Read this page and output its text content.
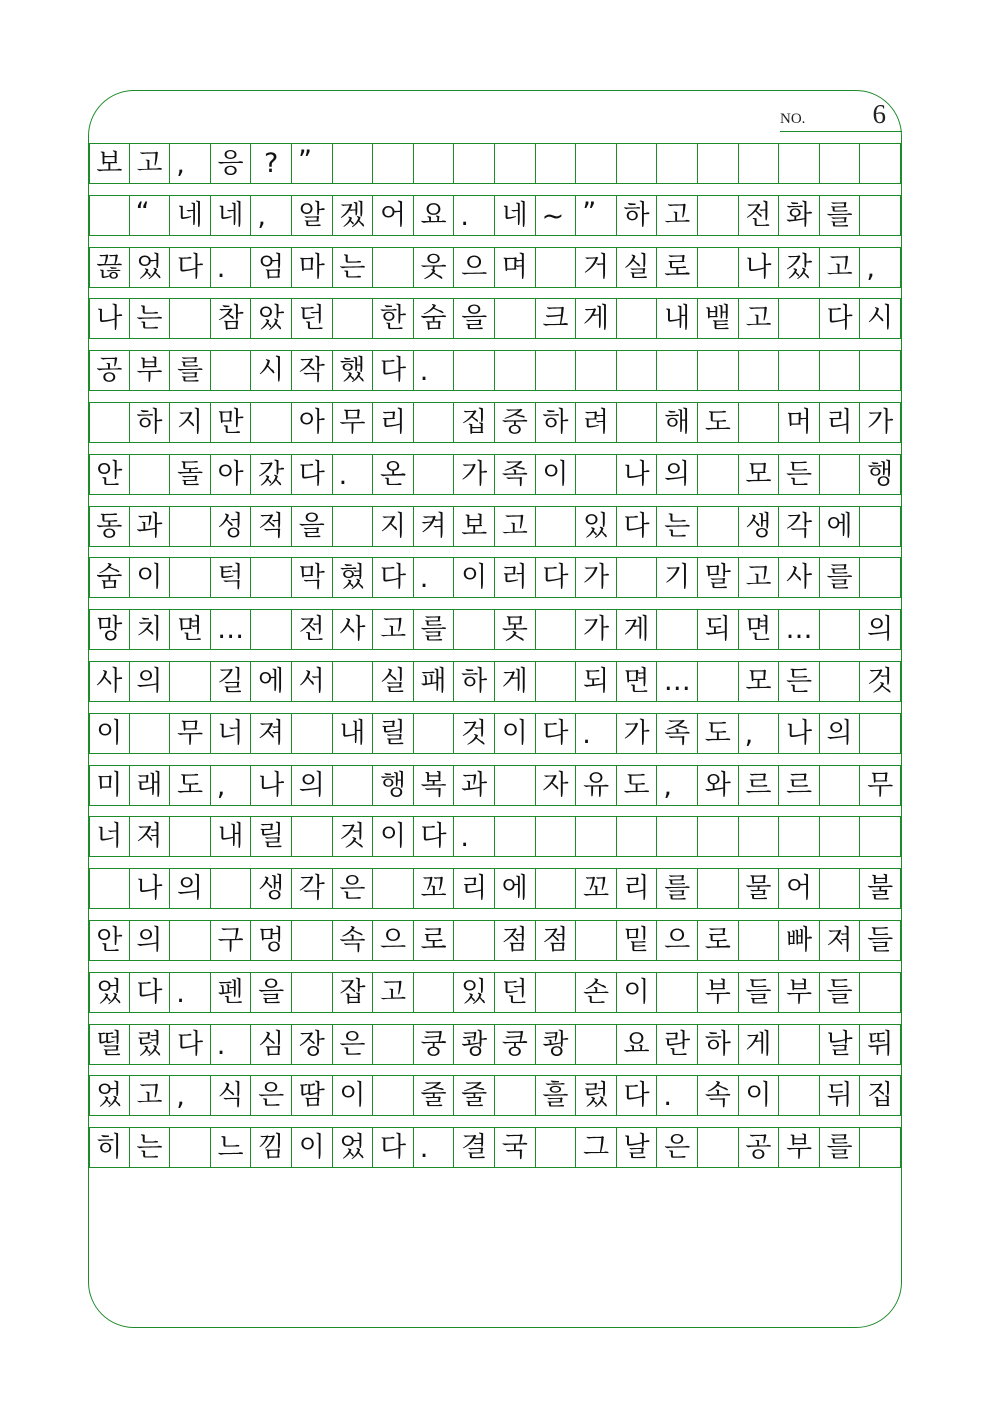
NO. 6
보 고 ,	응 ? ”
“	네 네 ,	알 겠 어 요 .	네 ~ ”	하 고 전 화 를
끊 었 다 .	엄 마 는 웃 으 며 거 실 로 나 갔 고 ,
나 는 참 았 던 한 숨 을 크 게 내 뱉 고 다 시
공 부 를 시 작 했 다 .
하 지 만 아 무 리 집 중 하 려 해 도 머 리 가
안 돌 아 갔 다 .	온 가 족 이 나 의 모 든 행
동 과 성 적 을 지 켜 보 고 있 다 는 생 각 에
숨 이 턱 막 혔 다 .	이 러 다 가 기 말 고 사 를
망 치 면 … 전 사 고 를 못 가 게 되 면 … 의
사 의 길 에 서 실 패 하 게 되 면 … 모 든 것
이 무 너 져 내 릴 것 이 다 .	가 족 도 ,	나 의
미 래 도 ,	나 의 행 복 과 자 유 도 ,	와 르 르 무
너 져 내 릴 것 이 다 .
나 의 생 각 은 꼬 리 에 꼬 리 를 물 어 불
안 의 구 멍 속 으 로 점 점 밑 으 로 빠 져 들
었 다 .	펜 을 잡 고 있 던 손 이 부 들 부 들
떨 렸 다 .	심 장 은 쿵 쾅 쿵 쾅 요 란 하 게 날 뛰
었 고 ,	식 은 땀 이 줄 줄 흘 렀 다 .	속 이 뒤 집
히 는 느 낌 이 었 다 .	결 국 그 날 은 공 부 를
